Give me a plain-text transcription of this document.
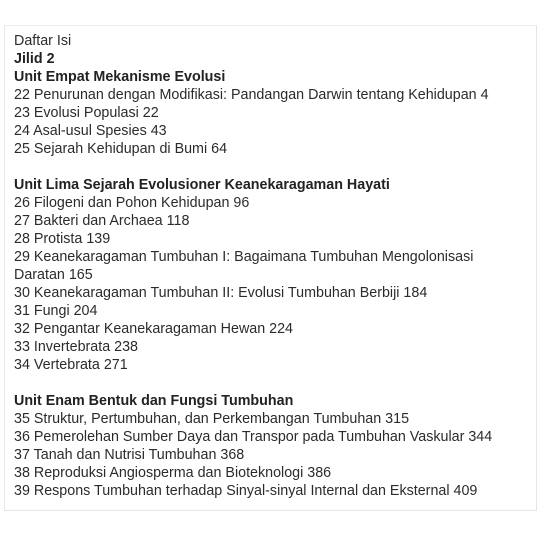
Daftar Isi
Jilid 2
Unit Empat Mekanisme Evolusi
22 Penurunan dengan Modifikasi: Pandangan Darwin tentang Kehidupan 4
23 Evolusi Populasi 22
24 Asal-usul Spesies 43
25 Sejarah Kehidupan di Bumi 64
Unit Lima Sejarah Evolusioner Keanekaragaman Hayati
26 Filogeni dan Pohon Kehidupan 96
27 Bakteri dan Archaea 118
28 Protista 139
29 Keanekaragaman Tumbuhan I: Bagaimana Tumbuhan Mengolonisasi Daratan 165
30 Keanekaragaman Tumbuhan II: Evolusi Tumbuhan Berbiji 184
31 Fungi 204
32 Pengantar Keanekaragaman Hewan 224
33 Invertebrata 238
34 Vertebrata 271
Unit Enam Bentuk dan Fungsi Tumbuhan
35 Struktur, Pertumbuhan, dan Perkembangan Tumbuhan 315
36 Pemerolehan Sumber Daya dan Transpor pada Tumbuhan Vaskular 344
37 Tanah dan Nutrisi Tumbuhan 368
38 Reproduksi Angiosperma dan Bioteknologi 386
39 Respons Tumbuhan terhadap Sinyal-sinyal Internal dan Eksternal 409
